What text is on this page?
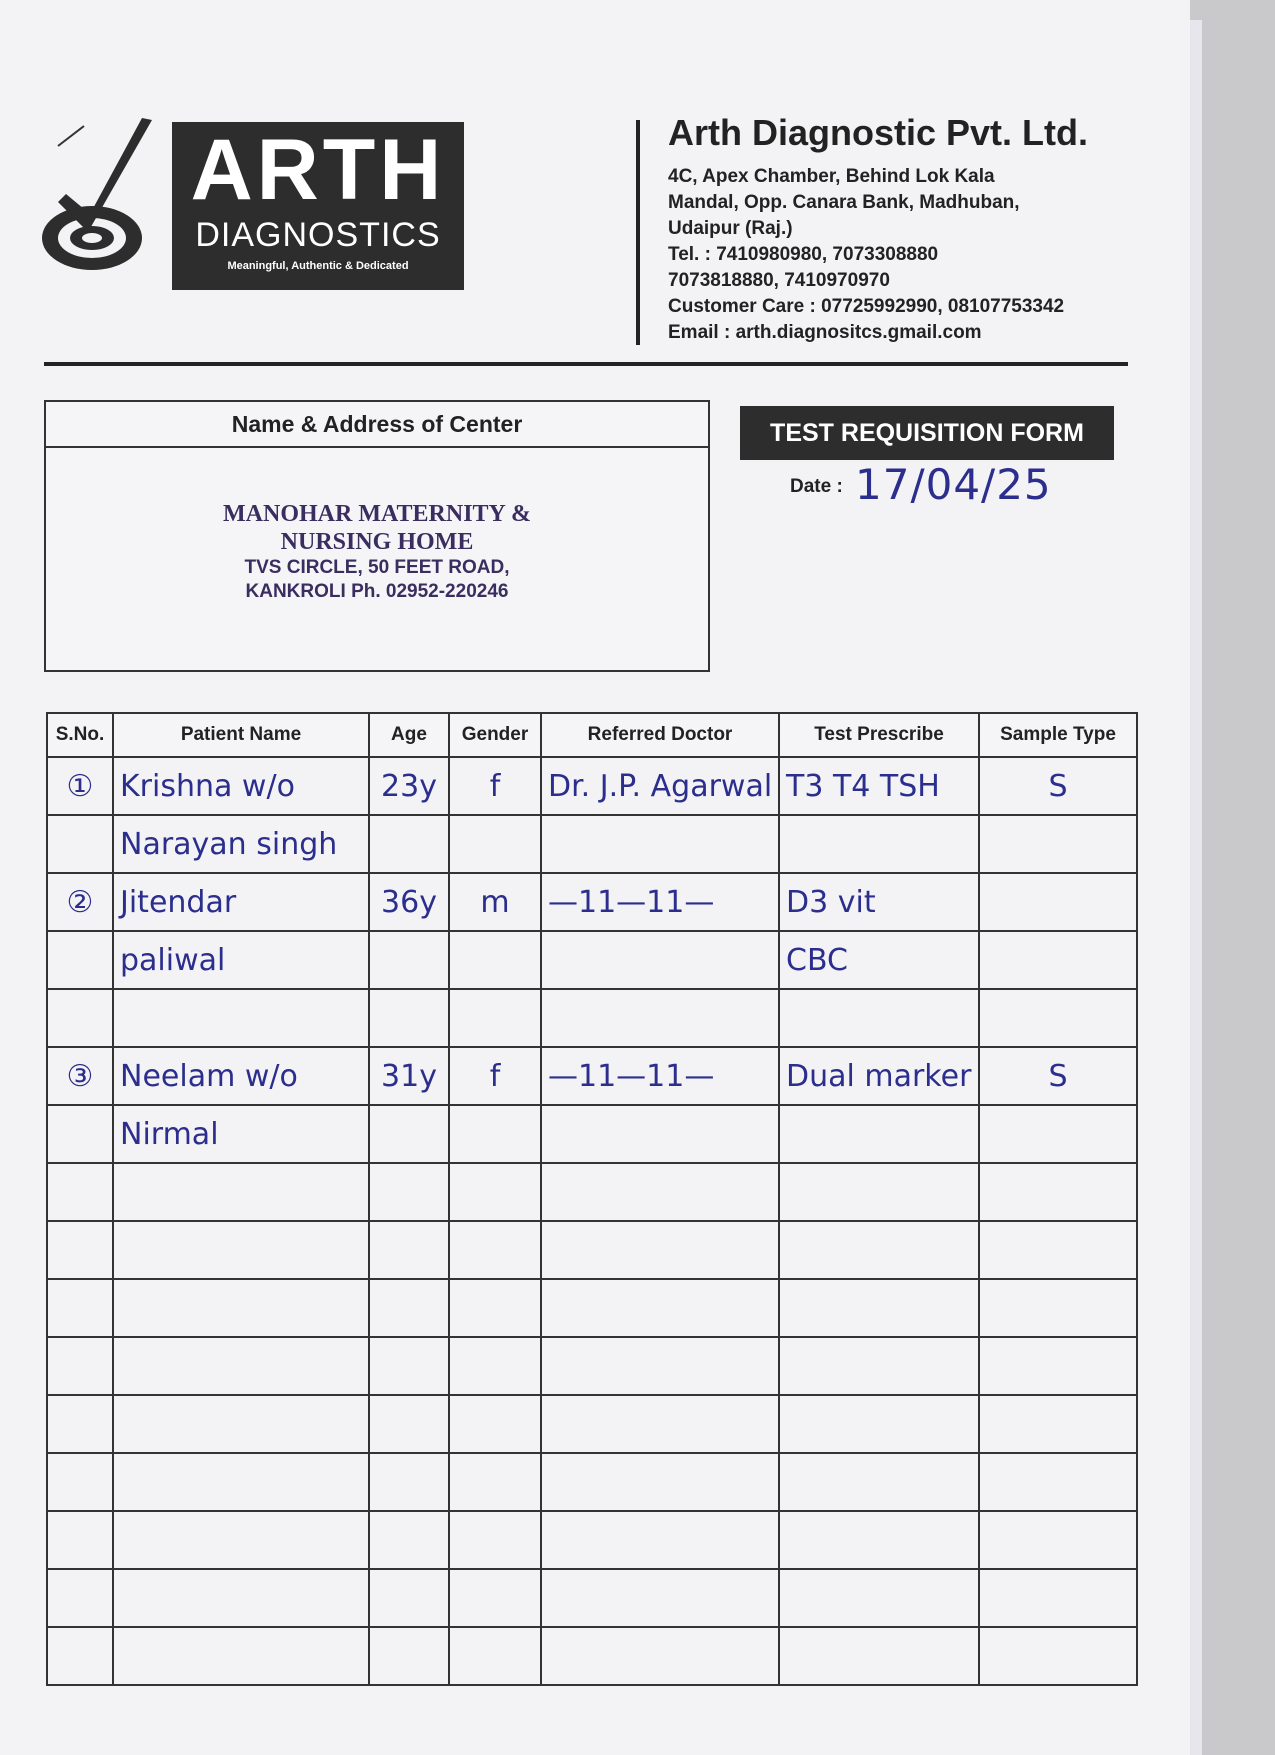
ARTH
DIAGNOSTICS
Meaningful, Authentic & Dedicated
Arth Diagnostic Pvt. Ltd.
4C, Apex Chamber, Behind Lok Kala
Mandal, Opp. Canara Bank, Madhuban,
Udaipur (Raj.)
Tel. : 7410980980, 7073308880
7073818880, 7410970970
Customer Care : 07725992990, 08107753342
Email : arth.diagnositcs.gmail.com
Name & Address of Center
MANOHAR MATERNITY &
NURSING HOME
TVS CIRCLE, 50 FEET ROAD,
KANKROLI Ph. 02952-220246
TEST REQUISITION FORM
Date : 17/04/25
S.No.	Patient Name	Age	Gender	Referred Doctor	Test Prescribe	Sample Type
①	Krishna w/o	23y	f	Dr. J.P. Agarwal	T3 T4 TSH	S
	Narayan singh					
②	Jitendar	36y	m	—11—11—	D3 vit	
	paliwal				CBC	

③	Neelam w/o	31y	f	—11—11—	Dual marker	S
	Nirmal					
